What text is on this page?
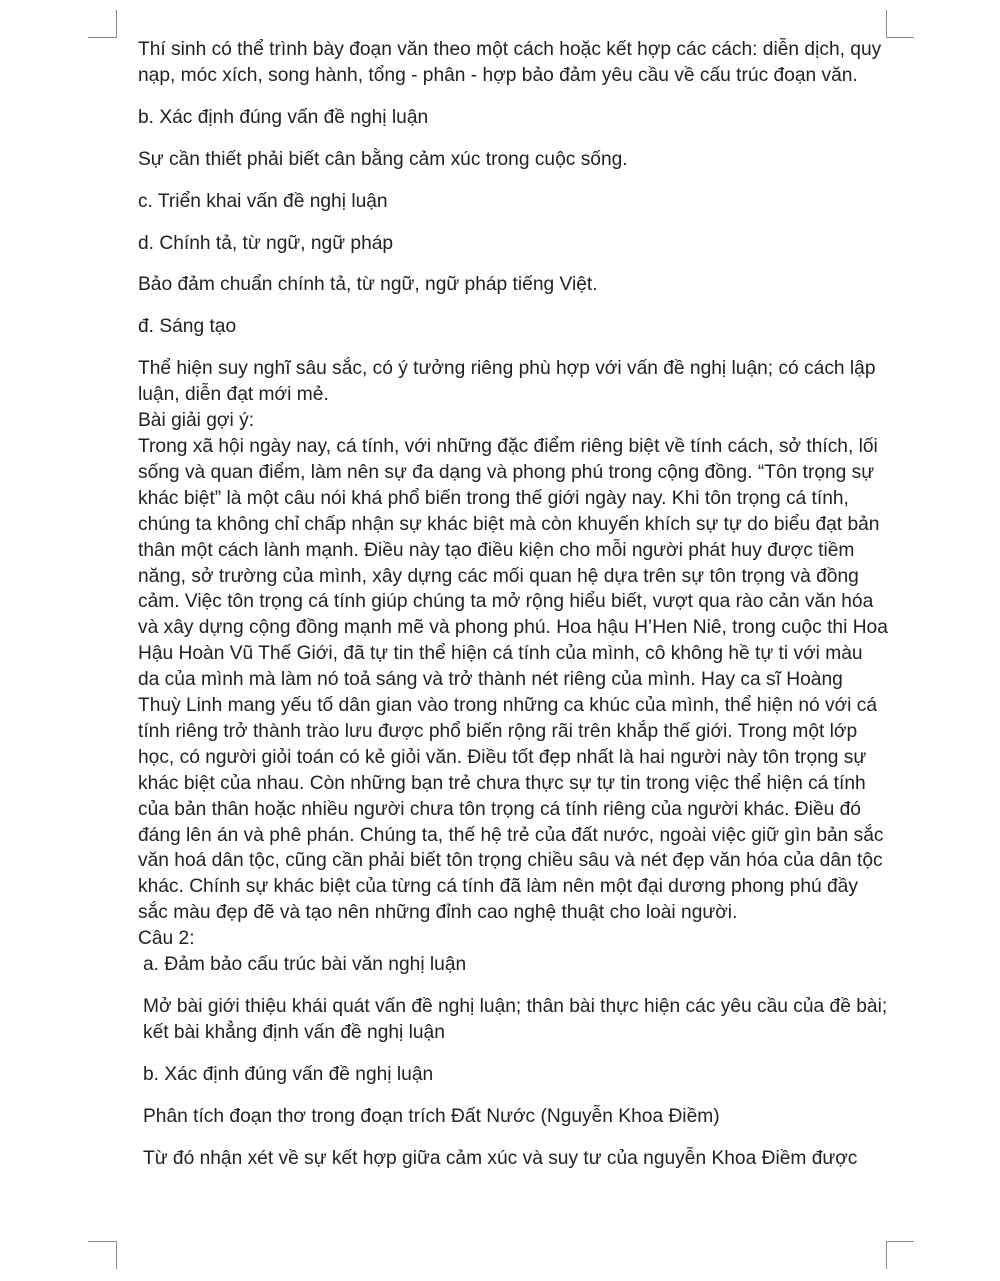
Thí sinh có thể trình bày đoạn văn theo một cách hoặc kết hợp các cách: diễn dịch, quy nạp, móc xích, song hành, tổng - phân - hợp bảo đảm yêu cầu về cấu trúc đoạn văn.

b. Xác định đúng vấn đề nghị luận

Sự cần thiết phải biết cân bằng cảm xúc trong cuộc sống.

c. Triển khai vấn đề nghị luận

d. Chính tả, từ ngữ, ngữ pháp

Bảo đảm chuẩn chính tả, từ ngữ, ngữ pháp tiếng Việt.

đ. Sáng tạo

Thể hiện suy nghĩ sâu sắc, có ý tưởng riêng phù hợp với vấn đề nghị luận; có cách lập luận, diễn đạt mới mẻ.

Bài giải gợi ý:

Trong xã hội ngày nay, cá tính, với những đặc điểm riêng biệt về tính cách, sở thích, lối sống và quan điểm, làm nên sự đa dạng và phong phú trong cộng đồng. “Tôn trọng sự khác biệt” là một câu nói khá phổ biến trong thế giới ngày nay. Khi tôn trọng cá tính, chúng ta không chỉ chấp nhận sự khác biệt mà còn khuyến khích sự tự do biểu đạt bản thân một cách lành mạnh. Điều này tạo điều kiện cho mỗi người phát huy được tiềm năng, sở trường của mình, xây dựng các mối quan hệ dựa trên sự tôn trọng và đồng cảm. Việc tôn trọng cá tính giúp chúng ta mở rộng hiểu biết, vượt qua rào cản văn hóa và xây dựng cộng đồng mạnh mẽ và phong phú. Hoa hậu H’Hen Niê, trong cuộc thi Hoa Hậu Hoàn Vũ Thế Giới, đã tự tin thể hiện cá tính của mình, cô không hề tự ti với màu da của mình mà làm nó toả sáng và trở thành nét riêng của mình. Hay ca sĩ Hoàng Thuỳ Linh mang yếu tố dân gian vào trong những ca khúc của mình, thể hiện nó với cá tính riêng trở thành trào lưu được phổ biến rộng rãi trên khắp thế giới. Trong một lớp học, có người giỏi toán có kẻ giỏi văn. Điều tốt đẹp nhất là hai người này tôn trọng sự khác biệt của nhau. Còn những bạn trẻ chưa thực sự tự tin trong việc thể hiện cá tính của bản thân hoặc nhiều người chưa tôn trọng cá tính riêng của người khác. Điều đó đáng lên án và phê phán. Chúng ta, thế hệ trẻ của đất nước, ngoài việc giữ gìn bản sắc văn hoá dân tộc, cũng cần phải biết tôn trọng chiều sâu và nét đẹp văn hóa của dân tộc khác. Chính sự khác biệt của từng cá tính đã làm nên một đại dương phong phú đầy sắc màu đẹp đẽ và tạo nên những đỉnh cao nghệ thuật cho loài người.

Câu 2:

a. Đảm bảo cấu trúc bài văn nghị luận

Mở bài giới thiệu khái quát vấn đề nghị luận; thân bài thực hiện các yêu cầu của đề bài; kết bài khẳng định vấn đề nghị luận

b. Xác định đúng vấn đề nghị luận

Phân tích đoạn thơ trong đoạn trích Đất Nước (Nguyễn Khoa Điềm)

Từ đó nhận xét về sự kết hợp giữa cảm xúc và suy tư của nguyễn Khoa Điềm được
